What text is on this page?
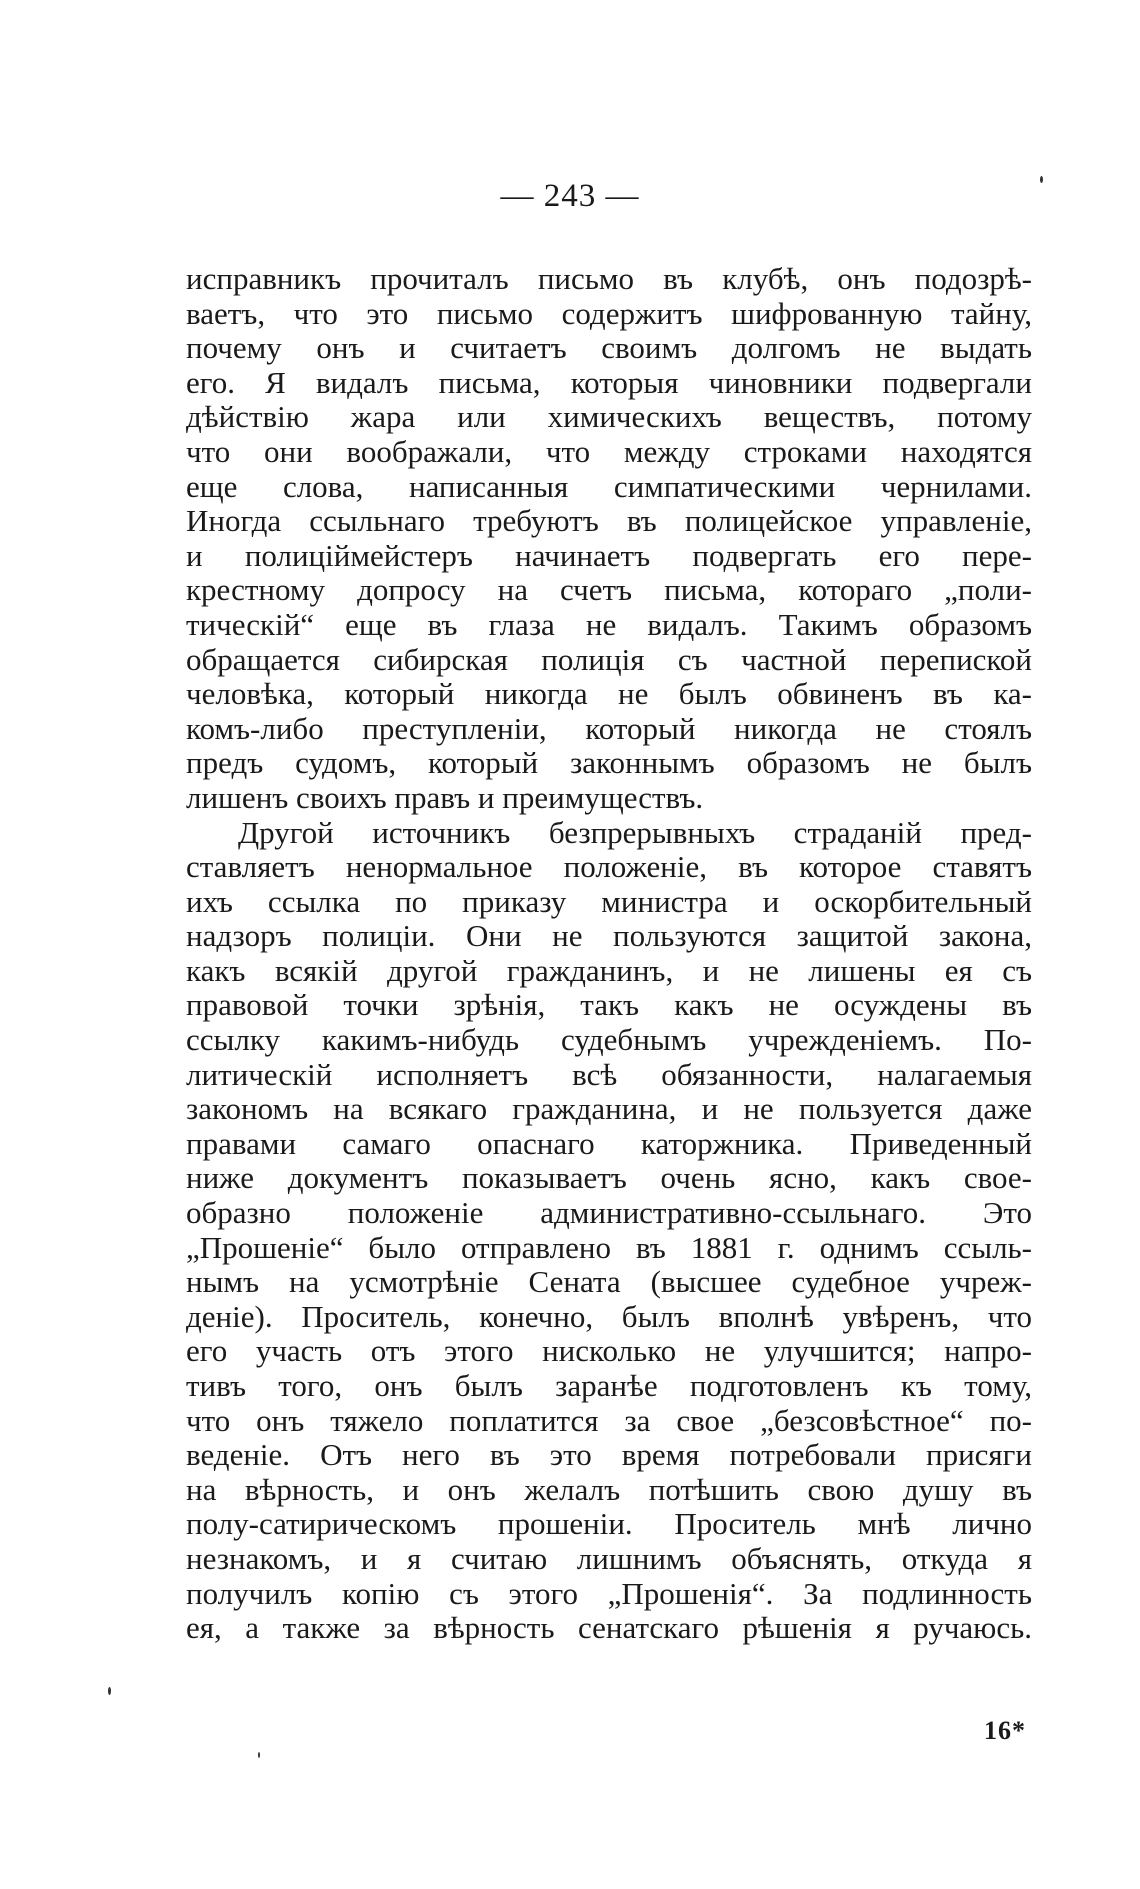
— 243 —
исправникъ прочиталъ письмо въ клубѣ, онъ подозрѣ-
ваетъ, что это письмо содержитъ шифрованную тайну,
почему онъ и считаетъ своимъ долгомъ не выдать
его. Я видалъ письма, которыя чиновники подвергали
дѣйствію жара или химическихъ веществъ, потому
что они воображали, что между строками находятся
еще слова, написанныя симпатическими чернилами.
Иногда ссыльнаго требуютъ въ полицейское управленіе,
и полиціймейстеръ начинаетъ подвергать его пере-
крестному допросу на счетъ письма, котораго „поли-
тическій“ еще въ глаза не видалъ. Такимъ образомъ
обращается сибирская полиція съ частной перепиской
человѣка, который никогда не былъ обвиненъ въ ка-
комъ-либо преступленіи, который никогда не стоялъ
предъ судомъ, который законнымъ образомъ не былъ
лишенъ своихъ правъ и преимуществъ.
Другой источникъ безпрерывныхъ страданій пред-
ставляетъ ненормальное положеніе, въ которое ставятъ
ихъ ссылка по приказу министра и оскорбительный
надзоръ полиціи. Они не пользуются защитой закона,
какъ всякій другой гражданинъ, и не лишены ея съ
правовой точки зрѣнія, такъ какъ не осуждены въ
ссылку какимъ-нибудь судебнымъ учрежденіемъ. По-
литическій исполняетъ всѣ обязанности, налагаемыя
закономъ на всякаго гражданина, и не пользуется даже
правами самаго опаснаго каторжника. Приведенный
ниже документъ показываетъ очень ясно, какъ свое-
образно положеніе административно-ссыльнаго. Это
„Прошеніе“ было отправлено въ 1881 г. однимъ ссыль-
нымъ на усмотрѣніе Сената (высшее судебное учреж-
деніе). Проситель, конечно, былъ вполнѣ увѣренъ, что
его участь отъ этого нисколько не улучшится; напро-
тивъ того, онъ былъ заранѣе подготовленъ къ тому,
что онъ тяжело поплатится за свое „безсовѣстное“ по-
веденіе. Отъ него въ это время потребовали присяги
на вѣрность, и онъ желалъ потѣшить свою душу въ
полу-сатирическомъ прошеніи. Проситель мнѣ лично
незнакомъ, и я считаю лишнимъ объяснять, откуда я
получилъ копію съ этого „Прошенія“. За подлинность
ея, а также за вѣрность сенатскаго рѣшенія я ручаюсь.
16*
